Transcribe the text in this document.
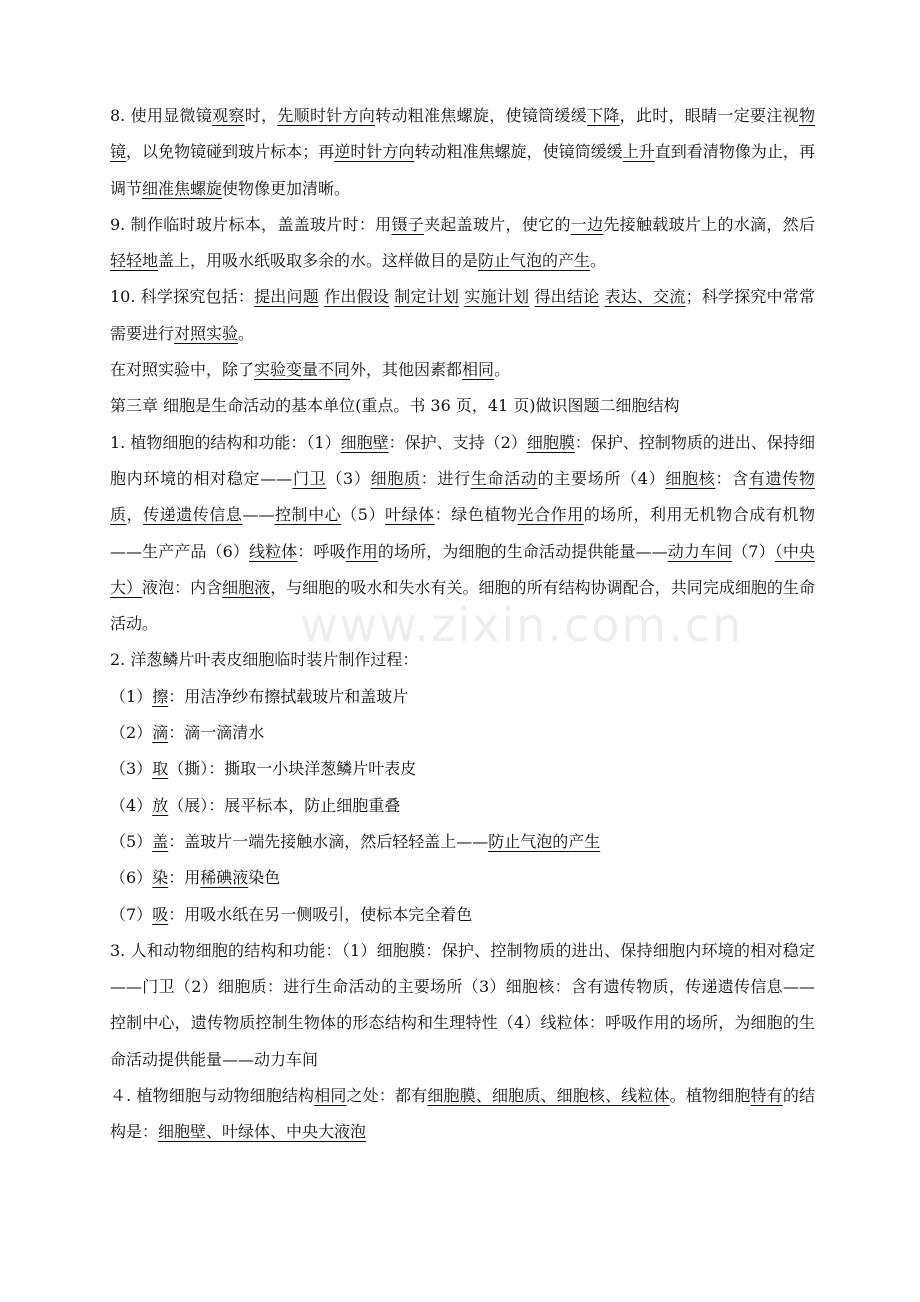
www.zixin.com.cn

8. 使用显微镜观察时，先顺时针方向转动粗准焦螺旋，使镜筒缓缓下降，此时，眼睛一定要注视物镜，以免物镜碰到玻片标本；再逆时针方向转动粗准焦螺旋，使镜筒缓缓上升直到看清物像为止，再调节细准焦螺旋使物像更加清晰。

9. 制作临时玻片标本，盖盖玻片时：用镊子夹起盖玻片，使它的一边先接触载玻片上的水滴，然后轻轻地盖上，用吸水纸吸取多余的水。这样做目的是防止气泡的产生。

10. 科学探究包括：提出问题 作出假设 制定计划 实施计划 得出结论 表达、交流；科学探究中常常需要进行对照实验。

在对照实验中，除了实验变量不同外，其他因素都相同。

第三章 细胞是生命活动的基本单位(重点。书 36 页，41 页)做识图题二细胞结构

1. 植物细胞的结构和功能：（1）细胞壁：保护、支持（2）细胞膜：保护、控制物质的进出、保持细胞内环境的相对稳定——门卫（3）细胞质：进行生命活动的主要场所（4）细胞核：含有遗传物质，传递遗传信息——控制中心（5）叶绿体：绿色植物光合作用的场所，利用无机物合成有机物——生产产品（6）线粒体：呼吸作用的场所，为细胞的生命活动提供能量——动力车间（7）（中央大）液泡：内含细胞液，与细胞的吸水和失水有关。细胞的所有结构协调配合，共同完成细胞的生命活动。

2. 洋葱鳞片叶表皮细胞临时装片制作过程：

（1）擦：用洁净纱布擦拭载玻片和盖玻片

（2）滴：滴一滴清水

（3）取（撕）：撕取一小块洋葱鳞片叶表皮

（4）放（展）：展平标本，防止细胞重叠

（5）盖：盖玻片一端先接触水滴，然后轻轻盖上——防止气泡的产生

（6）染：用稀碘液染色

（7）吸：用吸水纸在另一侧吸引，使标本完全着色

3. 人和动物细胞的结构和功能：（1）细胞膜：保护、控制物质的进出、保持细胞内环境的相对稳定——门卫（2）细胞质：进行生命活动的主要场所（3）细胞核：含有遗传物质，传递遗传信息——控制中心，遗传物质控制生物体的形态结构和生理特性（4）线粒体：呼吸作用的场所，为细胞的生命活动提供能量——动力车间

４. 植物细胞与动物细胞结构相同之处：都有细胞膜、细胞质、细胞核、线粒体。植物细胞特有的结构是：细胞壁、叶绿体、中央大液泡
